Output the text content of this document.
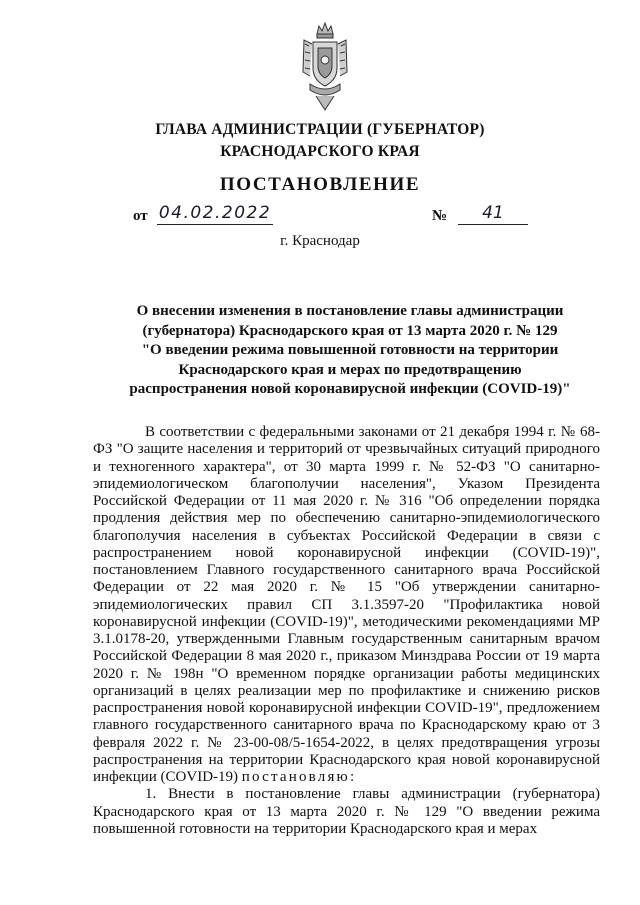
ГЛАВА АДМИНИСТРАЦИИ (ГУБЕРНАТОР)
КРАСНОДАРСКОГО КРАЯ
ПОСТАНОВЛЕНИЕ
от 04.02.2022	№	41
г. Краснодар
О внесении изменения в постановление главы администрации
(губернатора) Краснодарского края от 13 марта 2020 г. № 129
"О введении режима повышенной готовности на территории
Краснодарского края и мерах по предотвращению
распространения новой коронавирусной инфекции (COVID-19)"

В соответствии с федеральными законами от 21 декабря 1994 г. № 68-ФЗ "О защите населения и территорий от чрезвычайных ситуаций природного и техногенного характера", от 30 марта 1999 г. № 52-ФЗ "О санитарно-эпидемиологическом благополучии населения", Указом Президента Российской Федерации от 11 мая 2020 г. № 316 "Об определении порядка продления действия мер по обеспечению санитарно-эпидемиологического благополучия населения в субъектах Российской Федерации в связи с распространением новой коронавирусной инфекции (COVID-19)", постановлением Главного государственного санитарного врача Российской Федерации от 22 мая 2020 г. № 15 "Об утверждении санитарно-эпидемиологических правил СП 3.1.3597-20 "Профилактика новой коронавирусной инфекции (COVID-19)", методическими рекомендациями МР 3.1.0178-20, утвержденными Главным государственным санитарным врачом Российской Федерации 8 мая 2020 г., приказом Минздрава России от 19 марта 2020 г. № 198н "О временном порядке организации работы медицинских организаций в целях реализации мер по профилактике и снижению рисков распространения новой коронавирусной инфекции COVID-19", предложением главного государственного санитарного врача по Краснодарскому краю от 3 февраля 2022 г. № 23-00-08/5-1654-2022, в целях предотвращения угрозы распространения на территории Краснодарского края новой коронавирусной инфекции (COVID-19) постановляю:

1. Внести в постановление главы администрации (губернатора) Краснодарского края от 13 марта 2020 г. № 129 "О введении режима повышенной готовности на территории Краснодарского края и мерах
